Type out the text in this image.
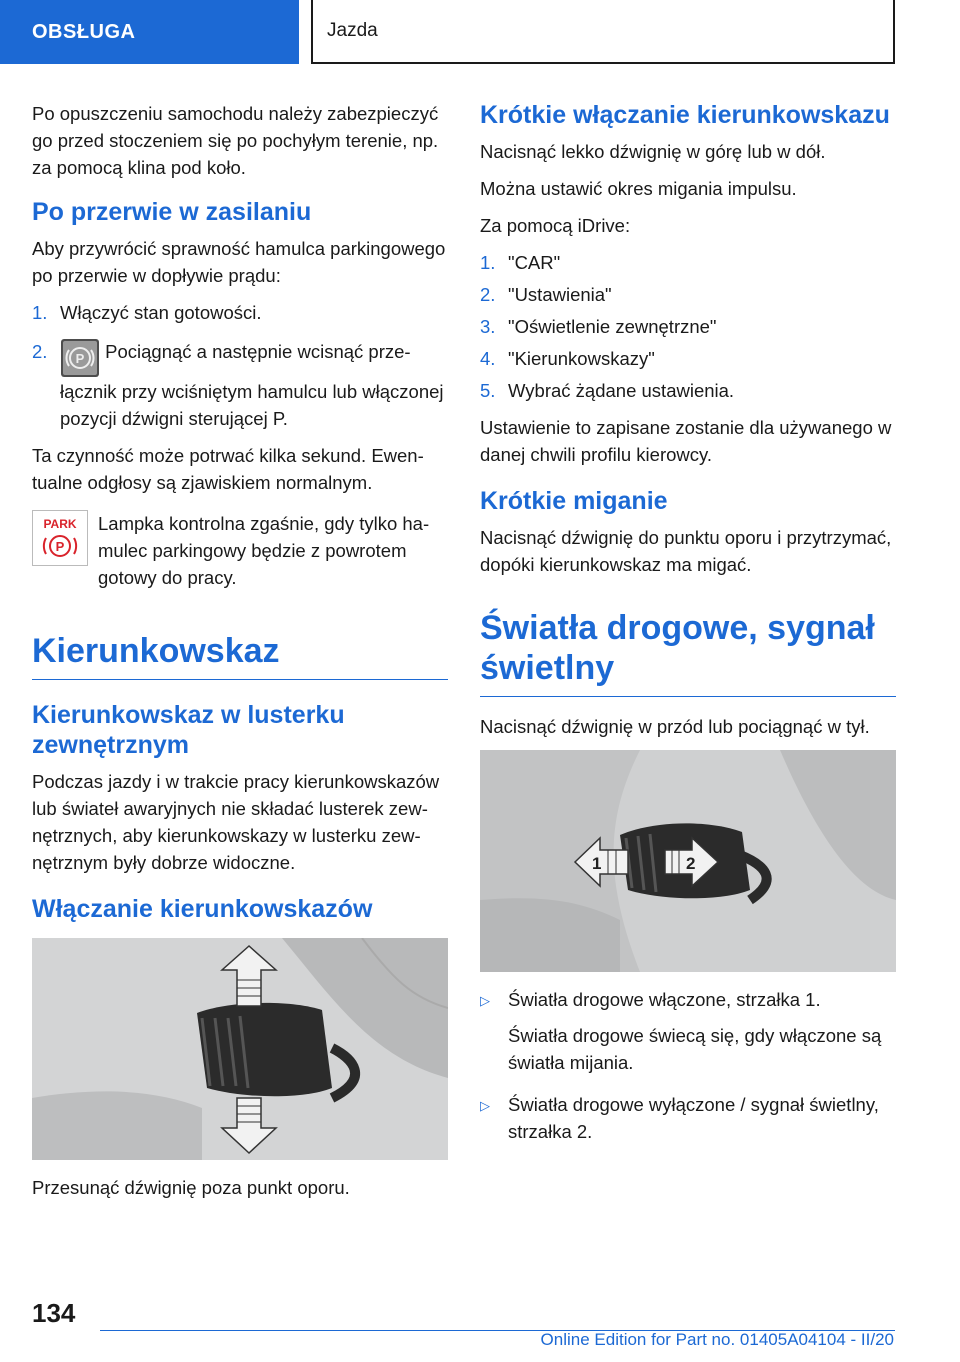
OBSŁUGA	Jazda

Po opuszczeniu samochodu należy zabezpieczyć go przed stoczeniem się po pochyłym terenie, np. za pomocą klina pod koło.

Po przerwie w zasilaniu

Aby przywrócić sprawność hamulca parkingowego po przerwie w dopływie prądu:

1. Włączyć stan gotowości.
2.	P Pociągnąć a następnie wcisnąć przełącznik przy wciśniętym hamulcu lub włączonej pozycji dźwigni sterującej P.

Ta czynność może potrwać kilka sekund. Ewentualne odgłosy są zjawiskiem normalnym.

PARK
P

Lampka kontrolna zgaśnie, gdy tylko hamulec parkingowy będzie z powrotem gotowy do pracy.

Kierunkowskaz
Kierunkowskaz w lusterku zewnętrznym

Podczas jazdy i w trakcie pracy kierunkowskazów lub świateł awaryjnych nie składać lusterek zewnętrznych, aby kierunkowskazy w lusterku zewnętrznym były dobrze widoczne.

Włączanie kierunkowskazów

Przesunąć dźwignię poza punkt oporu.

Krótkie włączanie kierunkowskazu

Nacisnąć lekko dźwignię w górę lub w dół.

Można ustawić okres migania impulsu.

Za pomocą iDrive:

1. "CAR"
2. "Ustawienia"
3. "Oświetlenie zewnętrzne"
4. "Kierunkowskazy"
5. Wybrać żądane ustawienia.

Ustawienie to zapisane zostanie dla używanego w danej chwili profilu kierowcy.

Krótkie miganie

Nacisnąć dźwignię do punktu oporu i przytrzymać, dopóki kierunkowskaz ma migać.

Światła drogowe, sygnał świetlny

Nacisnąć dźwignię w przód lub pociągnąć w tył.

1	2
▷ Światła drogowe włączone, strzałka 1.

Światła drogowe świecą się, gdy włączone są światła mijania.

▷ Światła drogowe wyłączone / sygnał świetlny, strzałka 2.
134
Online Edition for Part no. 01405A04104 - II/20
